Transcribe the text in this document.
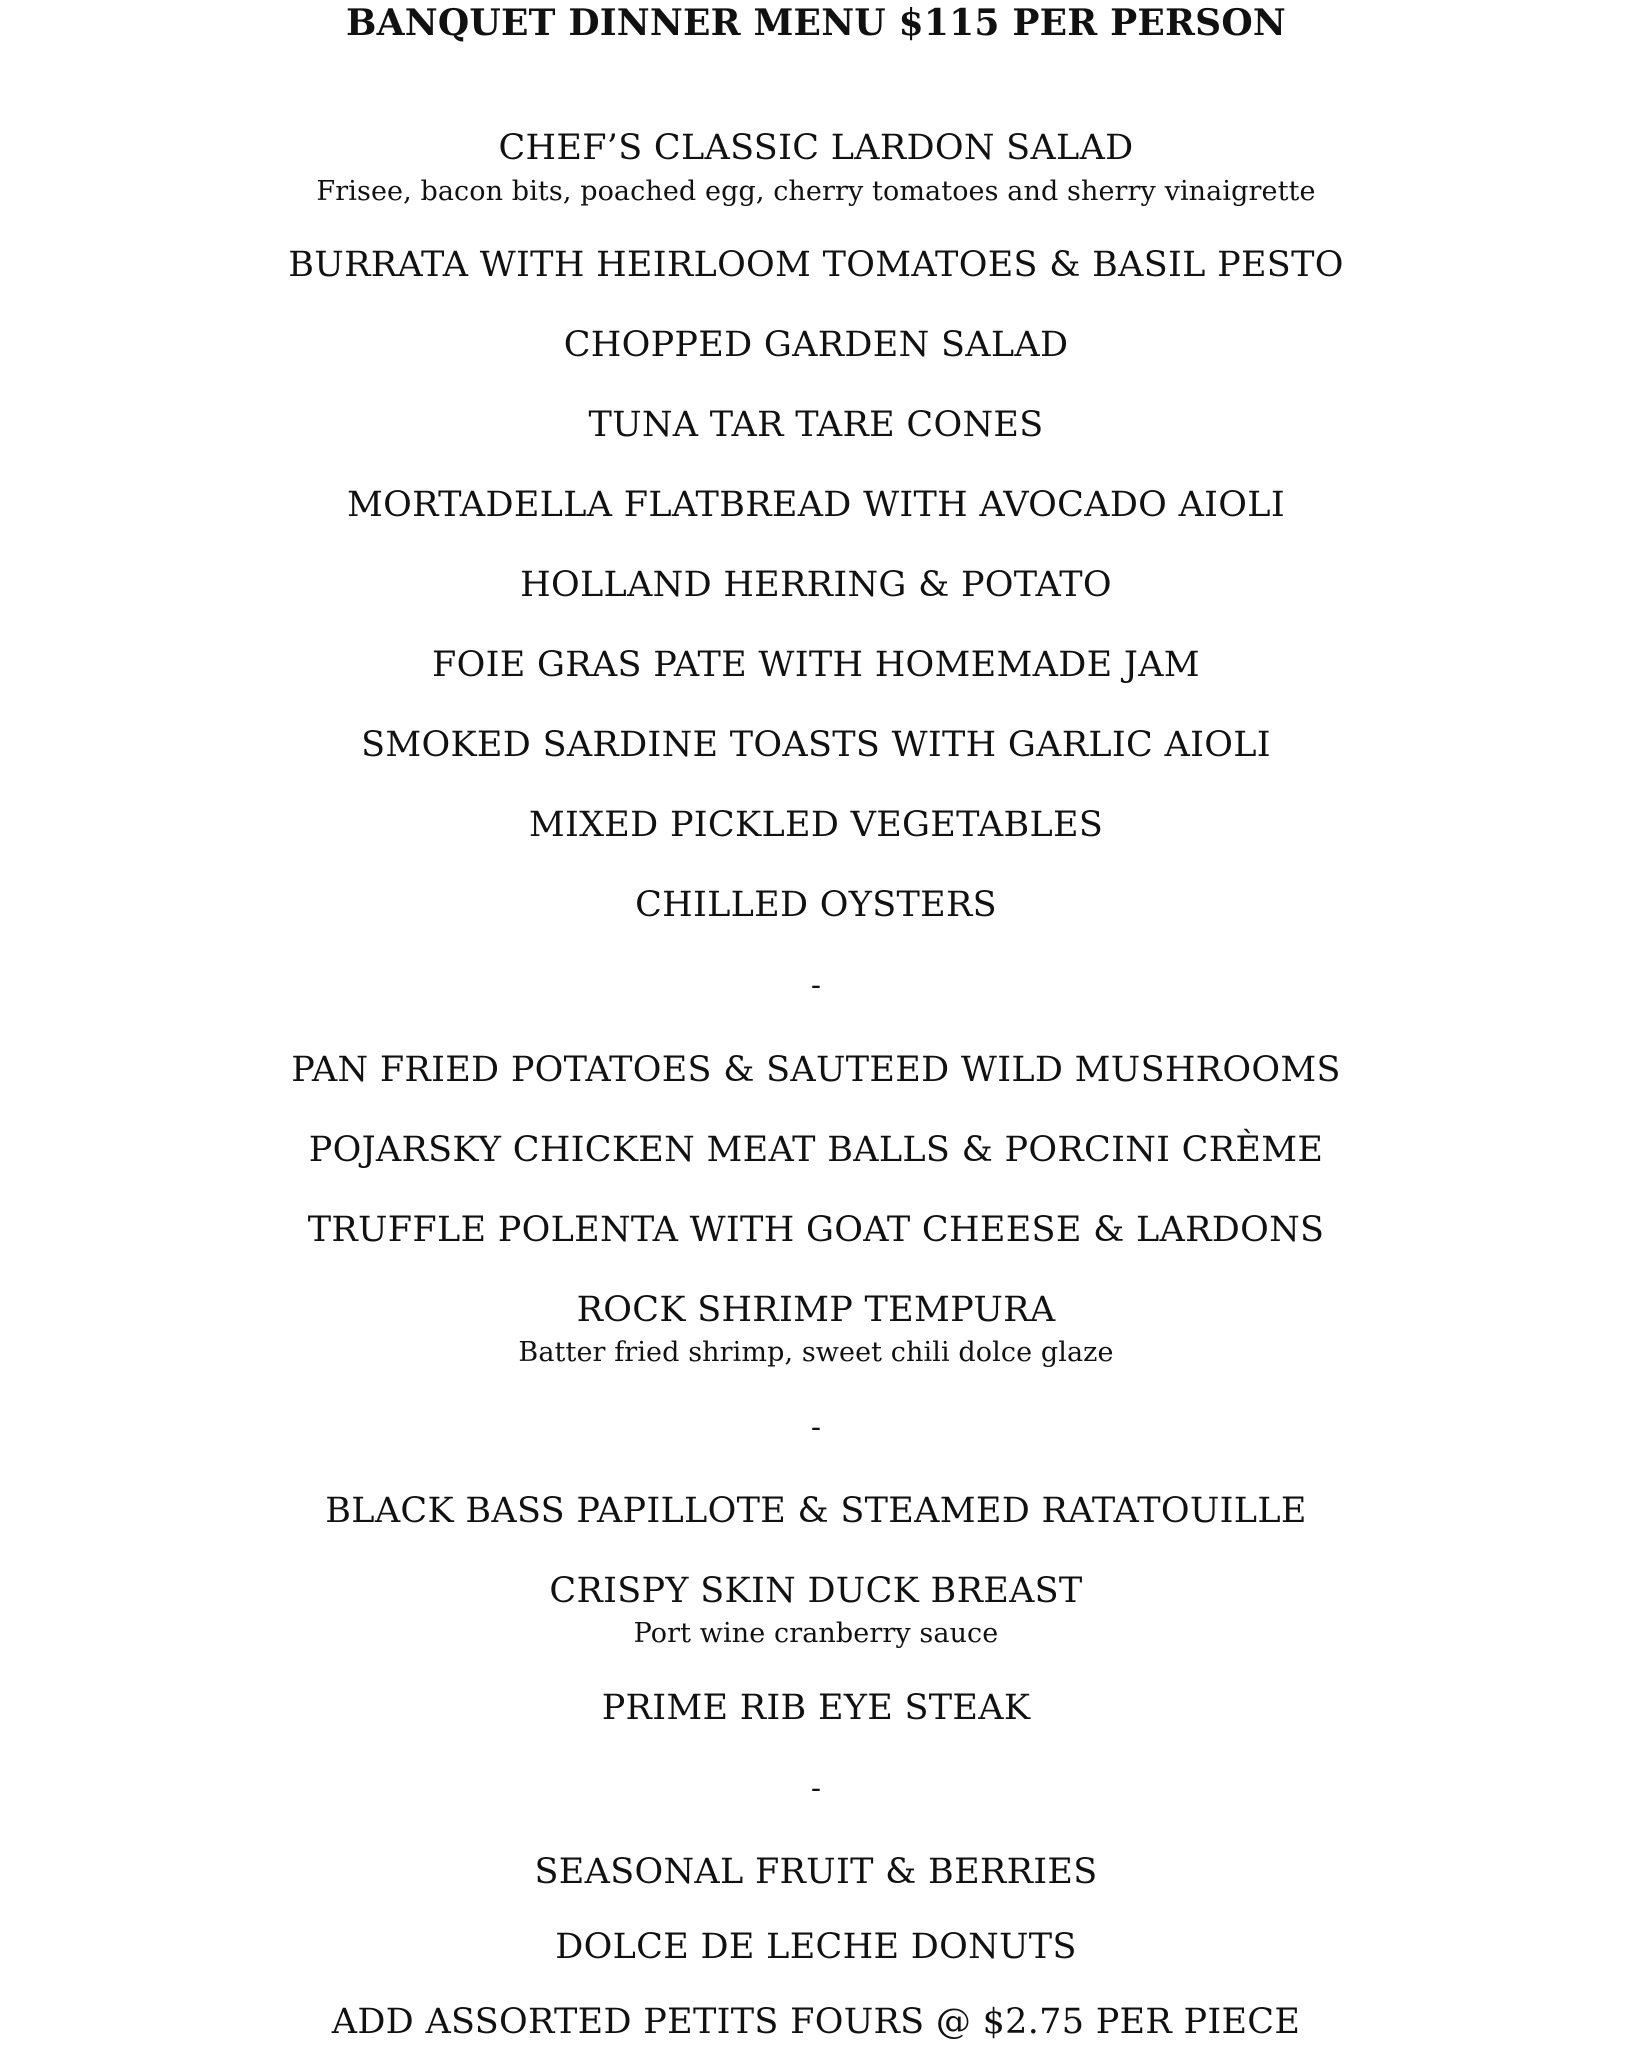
BANQUET DINNER MENU $115 PER PERSON
CHEF’S CLASSIC LARDON SALAD
Frisee, bacon bits, poached egg, cherry tomatoes and sherry vinaigrette
BURRATA WITH HEIRLOOM TOMATOES & BASIL PESTO
CHOPPED GARDEN SALAD
TUNA TAR TARE CONES
MORTADELLA FLATBREAD WITH AVOCADO AIOLI
HOLLAND HERRING & POTATO
FOIE GRAS PATE WITH HOMEMADE JAM
SMOKED SARDINE TOASTS WITH GARLIC AIOLI
MIXED PICKLED VEGETABLES
CHILLED OYSTERS
-
PAN FRIED POTATOES & SAUTEED WILD MUSHROOMS
POJARSKY CHICKEN MEAT BALLS & PORCINI CRÈME
TRUFFLE POLENTA WITH GOAT CHEESE & LARDONS
ROCK SHRIMP TEMPURA
Batter fried shrimp, sweet chili dolce glaze
-
BLACK BASS PAPILLOTE & STEAMED RATATOUILLE
CRISPY SKIN DUCK BREAST
Port wine cranberry sauce
PRIME RIB EYE STEAK
-
SEASONAL FRUIT & BERRIES
DOLCE DE LECHE DONUTS
ADD ASSORTED PETITS FOURS @ $2.75 PER PIECE
